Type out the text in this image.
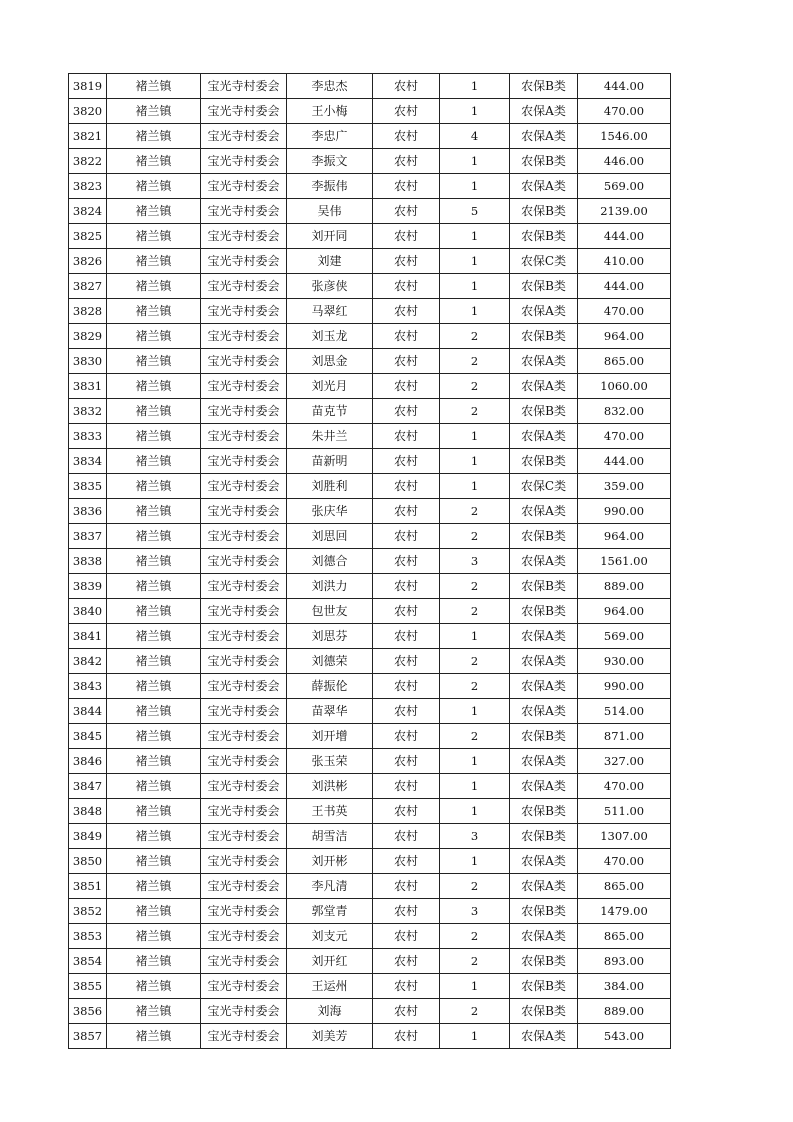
3819	褚兰镇	宝光寺村委会	李忠杰	农村	1	农保B类	444.00
3820	褚兰镇	宝光寺村委会	王小梅	农村	1	农保A类	470.00
3821	褚兰镇	宝光寺村委会	李忠广	农村	4	农保A类	1546.00
3822	褚兰镇	宝光寺村委会	李振文	农村	1	农保B类	446.00
3823	褚兰镇	宝光寺村委会	李振伟	农村	1	农保A类	569.00
3824	褚兰镇	宝光寺村委会	吴伟	农村	5	农保B类	2139.00
3825	褚兰镇	宝光寺村委会	刘开同	农村	1	农保B类	444.00
3826	褚兰镇	宝光寺村委会	刘建	农村	1	农保C类	410.00
3827	褚兰镇	宝光寺村委会	张彦侠	农村	1	农保B类	444.00
3828	褚兰镇	宝光寺村委会	马翠红	农村	1	农保A类	470.00
3829	褚兰镇	宝光寺村委会	刘玉龙	农村	2	农保B类	964.00
3830	褚兰镇	宝光寺村委会	刘思金	农村	2	农保A类	865.00
3831	褚兰镇	宝光寺村委会	刘光月	农村	2	农保A类	1060.00
3832	褚兰镇	宝光寺村委会	苗克节	农村	2	农保B类	832.00
3833	褚兰镇	宝光寺村委会	朱井兰	农村	1	农保A类	470.00
3834	褚兰镇	宝光寺村委会	苗新明	农村	1	农保B类	444.00
3835	褚兰镇	宝光寺村委会	刘胜利	农村	1	农保C类	359.00
3836	褚兰镇	宝光寺村委会	张庆华	农村	2	农保A类	990.00
3837	褚兰镇	宝光寺村委会	刘思回	农村	2	农保B类	964.00
3838	褚兰镇	宝光寺村委会	刘德合	农村	3	农保A类	1561.00
3839	褚兰镇	宝光寺村委会	刘洪力	农村	2	农保B类	889.00
3840	褚兰镇	宝光寺村委会	包世友	农村	2	农保B类	964.00
3841	褚兰镇	宝光寺村委会	刘思芬	农村	1	农保A类	569.00
3842	褚兰镇	宝光寺村委会	刘德荣	农村	2	农保A类	930.00
3843	褚兰镇	宝光寺村委会	薛振伦	农村	2	农保A类	990.00
3844	褚兰镇	宝光寺村委会	苗翠华	农村	1	农保A类	514.00
3845	褚兰镇	宝光寺村委会	刘开增	农村	2	农保B类	871.00
3846	褚兰镇	宝光寺村委会	张玉荣	农村	1	农保A类	327.00
3847	褚兰镇	宝光寺村委会	刘洪彬	农村	1	农保A类	470.00
3848	褚兰镇	宝光寺村委会	王书英	农村	1	农保B类	511.00
3849	褚兰镇	宝光寺村委会	胡雪洁	农村	3	农保B类	1307.00
3850	褚兰镇	宝光寺村委会	刘开彬	农村	1	农保A类	470.00
3851	褚兰镇	宝光寺村委会	李凡清	农村	2	农保A类	865.00
3852	褚兰镇	宝光寺村委会	郭堂青	农村	3	农保B类	1479.00
3853	褚兰镇	宝光寺村委会	刘支元	农村	2	农保A类	865.00
3854	褚兰镇	宝光寺村委会	刘开红	农村	2	农保B类	893.00
3855	褚兰镇	宝光寺村委会	王运州	农村	1	农保B类	384.00
3856	褚兰镇	宝光寺村委会	刘海	农村	2	农保B类	889.00
3857	褚兰镇	宝光寺村委会	刘美芳	农村	1	农保A类	543.00
